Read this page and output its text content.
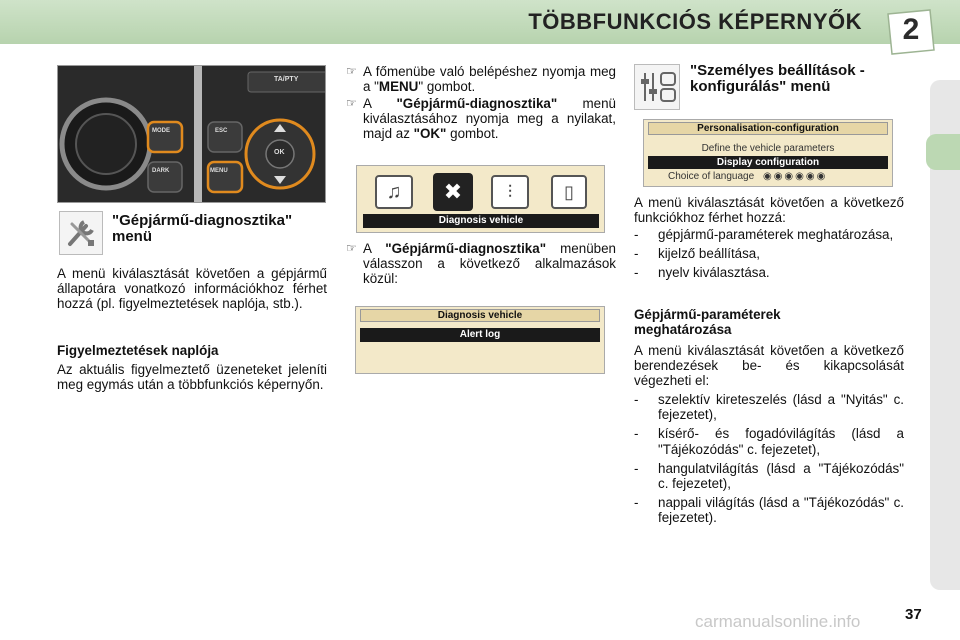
TÖBBFUNKCIÓS KÉPERNYŐK	2
MODE
DARK
ESC
MENU
TA/PTY
OK
"Gépjármű-diagnosztika" menü
A menü kiválasztását követően a gépjármű állapotára vonatkozó információkhoz férhet hozzá (pl. figyelmeztetések naplója, stb.).
Figyelmeztetések naplója
Az aktuális figyelmeztető üzeneteket jeleníti meg egymás után a többfunkciós képernyőn.
☞ A főmenübe való belépéshez nyomja meg a "MENU" gombot.
☞ A "Gépjármű-diagnosztika" menü kiválasztásához nyomja meg a nyilakat, majd az "OK" gombot.
♫	✖	⫶	▯
Diagnosis vehicle
☞ A "Gépjármű-diagnosztika" menüben válasszon a következő alkalmazások közül:
Diagnosis vehicle
Alert log
"Személyes beállítások - konfigurálás" menü
Personalisation-configuration
Define the vehicle parameters
Display configuration
Choice of language ◉◉◉◉◉◉
A menü kiválasztását követően a következő funkciókhoz férhet hozzá:
- gépjármű-paraméterek meghatározása,
- kijelző beállítása,
- nyelv kiválasztása.
Gépjármű-paraméterek meghatározása
A menü kiválasztását követően a következő berendezések be- és kikapcsolását végezheti el:
- szelektív kireteszelés (lásd a "Nyitás" c. fejezetet),
- kísérő- és fogadóvilágítás (lásd a "Tájékozódás" c. fejezetet),
- hangulatvilágítás (lásd a "Tájékozódás" c. fejezetet),
- nappali világítás (lásd a "Tájékozódás" c. fejezetet).
carmanualsonline.info	37
